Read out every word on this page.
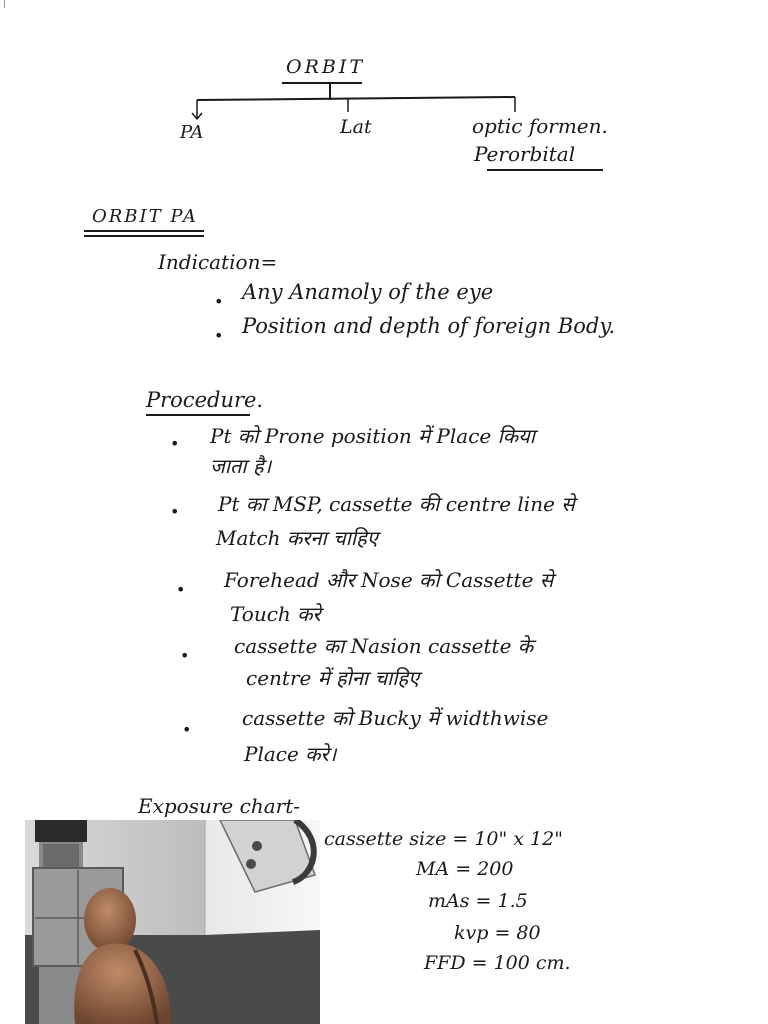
ORBIT
PA	Lat	optic formen.
Perorbital
ORBIT PA
Indication=
• Any Anamoly of the eye
• Position and depth of foreign Body.
Procedure.
• Pt को Prone position में Place किया
जाता है।
• Pt का MSP, cassette की centre line से
Match करना चाहिए
• Forehead और Nose को Cassette से
Touch करे
• cassette का Nasion cassette के
centre में होना चाहिए
•	cassette को Bucky में widthwise
Place करे।
Exposure chart-
cassette size = 10" x 12"
MA = 200
mAs = 1.5
kvp = 80
FFD = 100 cm.
